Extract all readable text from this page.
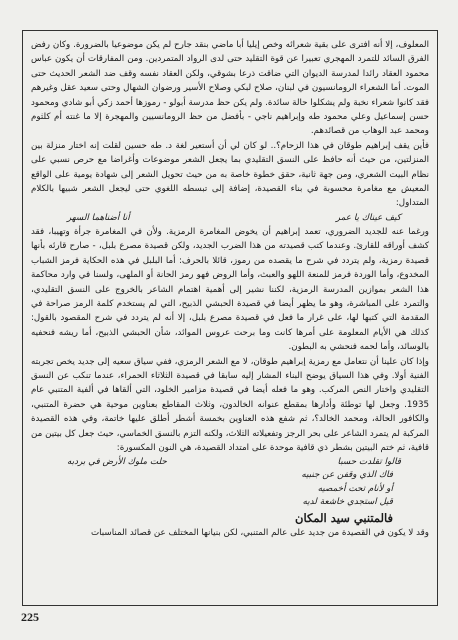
المعلوف، إلا أنه افترى على بقية شعرائه وخص إيليا أبا ماضي بنقد جارح لم يكن موضوعيا بالضرورة. وكان رفض الفرق السائد للتمرد المهجري تعبيرا عن قوة التقليد حتى لدى الرواد المتمردين. ومن المفارقات أن يكون عباس محمود العقاد رائدا لمدرسة الديوان التي ضاقت ذرعا بشوقي، ولكن العقاد نفسه وقف ضد الشعر الحديث حتى الموت. أما الشعراء الرومانسيون في لبنان، صلاح لبكي وصلاح الأسير ورضوان الشهال وحتى سعيد عقل وغيرهم فقد كانوا شعراء نخبة ولم يشكلوا حالة سائدة. ولم يكن حظ مدرسة أبولو - رموزها أحمد زكي أبو شادي ومحمود حسن إسماعيل وعلي محمود طه وإبراهيم ناجي - بأفضل من حظ الرومانسيين والمهجرة إلا ما غنته أم كلثوم ومحمد عبد الوهاب من قصائدهم.

فأين يقف إبراهيم طوقان في هذا الزحام؟.. لو كان لي أن أستعير لغة د. طه حسين لقلت إنه اختار منزلة بين المنزلتين، من حيث أنه حافظ على النسق التقليدي بما يجعل الشعر موضوعات وأغراضا مع حرص نسبي على نظام البيت الشعري، ومن جهة ثانية، حقق خطوة خاصة به من حيث تحويل الشعر إلى شهادة يومية على الواقع المعيش مع مغامرة محسوبة في بناء القصيدة، إضافة إلى تبسطه اللغوي حتى ليجعل الشعر شبيها بالكلام المتداول:

كيف عيناك يا عمر
أنا أضناهما السهر

ورغما عنه للجديد الضروري، تعمد إبراهيم أن يخوض المغامرة الرمزية. ولأن في المغامرة جرأة وتهيبا، فقد كشف أوراقه للقارئ. وعندما كتب قصيدته من هذا الضرب الجديد، ولكن قصيدة مصرع بلبل، - صارح قارئه بأنها قصيدة رمزية، ولم يتردد في شرح ما يقصده من رموز، قائلا بالحرف: أما البلبل في هذه الحكاية فرمز الشباب المخدوع، وأما الوردة فرمز للمنعة اللهو والعبث، وأما الروض فهو رمز الحانة أو الملهى، ولسنا في وارد محاكمة هذا الشعر بموازين المدرسة الرمزية، لكننا نشير إلى أهمية اهتمام الشاعر بالخروج على النسق التقليدي، والتمرد على المباشرة، وهو ما يظهر أيضا في قصيدة الحبشي الذبيح، التي لم يستخدم كلمة الرمز صراحة في المقدمة التي كتبها لها، على غرار ما فعل في قصيدة مصرع بلبل، إلا أنه لم يتردد في شرح المقصود بالقول: كذلك هي الأيام المعلومة على أمرها كانت وما برحت عروس الموائد، شأن الحبشي الذبيح، أما ريشه فنحفيه بالوسائد، وأما لحمه فنحشي به البطون.

وإذا كان علينا أن نتعامل مع رمزية إبراهيم طوقان، لا مع الشعر الرمزي، ففي سياق سعيه إلى جديد يخص تجربته الفنية أولا. وفي هذا السياق يوضح البناء المشار إليه سابقا في قصيدة الثلاثاء الحمراء، عندما تنكب عن النسق التقليدي واختار النص المركب. وهو ما فعله أيضا في قصيدة مزامير الخلود، التي ألقاها في ألفية المتنبي عام 1935. وجعل لها توطئة وأدارها بمقطع عنوانه الخالدون، وثلاث المقاطع بعناوين موحية هي حضرة المتنبي، والكافور الحالة، ومحمد الخالد؟، ثم شفع هذه العناوين بخمسة أشطر أطلق عليها خاتمة، وفي هذه القصيدة المركبة لم يتمرد الشاعر على بحر الرجز وتفعيلاته الثلاث، ولكنه التزم بالنسق الخماسي، حيث جعل كل بيتين من قافية، ثم ختم البيتين بشطر ذي قافية موحدة على امتداد القصيدة، هي النون المكسورة:

قالوا تقلدت حسبا
حلت ملوك الأرض في بردبه
فاك الذي وقفن عن جنبيه
أو لأنام تحت أخمصيه
قيل استجدي خاشعة لديه
فالمتنبي سيد المكان

وقد لا يكون في القصيدة من جديد على عالم المتنبي، لكن بنيانها المختلف عن قصائد المناسبات

225
